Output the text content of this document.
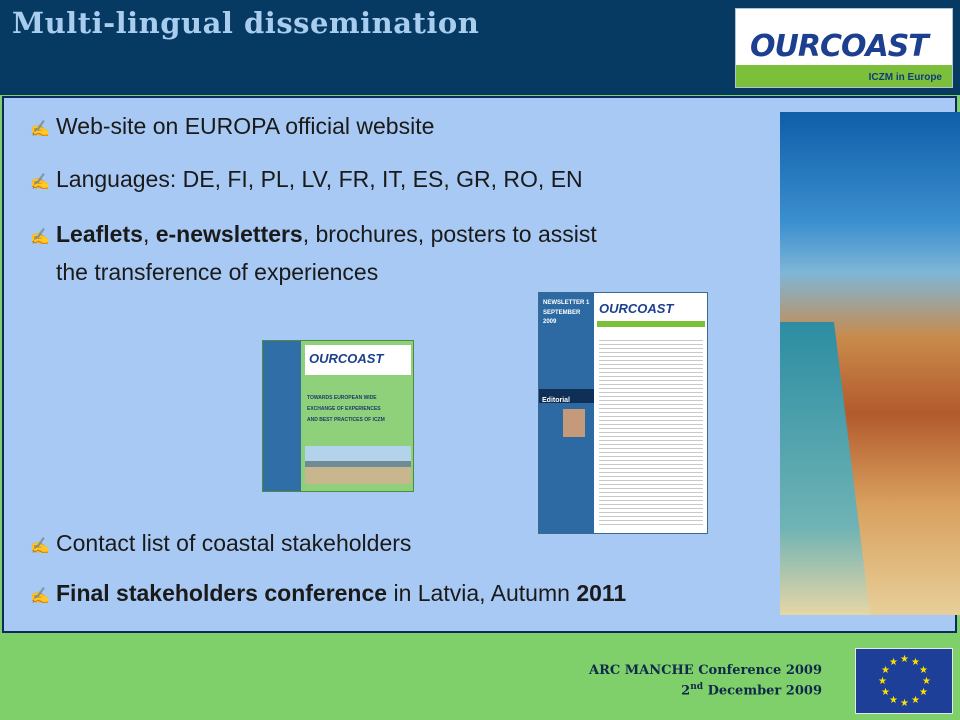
Multi-lingual dissemination
OURCOAST
ICZM in Europe
✍ Web-site on EUROPA official website
✍ Languages: DE, FI, PL, LV, FR, IT, ES, GR, RO, EN
✍ Leaflets, e-newsletters, brochures, posters to assist
the transference of experiences
OURCOAST
TOWARDS EUROPEAN WIDE
EXCHANGE OF EXPERIENCES
AND BEST PRACTICES OF ICZM
NEWSLETTER 1
SEPTEMBER 2009
OURCOAST
Editorial
✍ Contact list of coastal stakeholders
✍ Final stakeholders conference in Latvia, Autumn 2011
ARC MANCHE Conference 2009
2nd December 2009
★ ★
★
★
★
★
★
★
★
★
★
★
